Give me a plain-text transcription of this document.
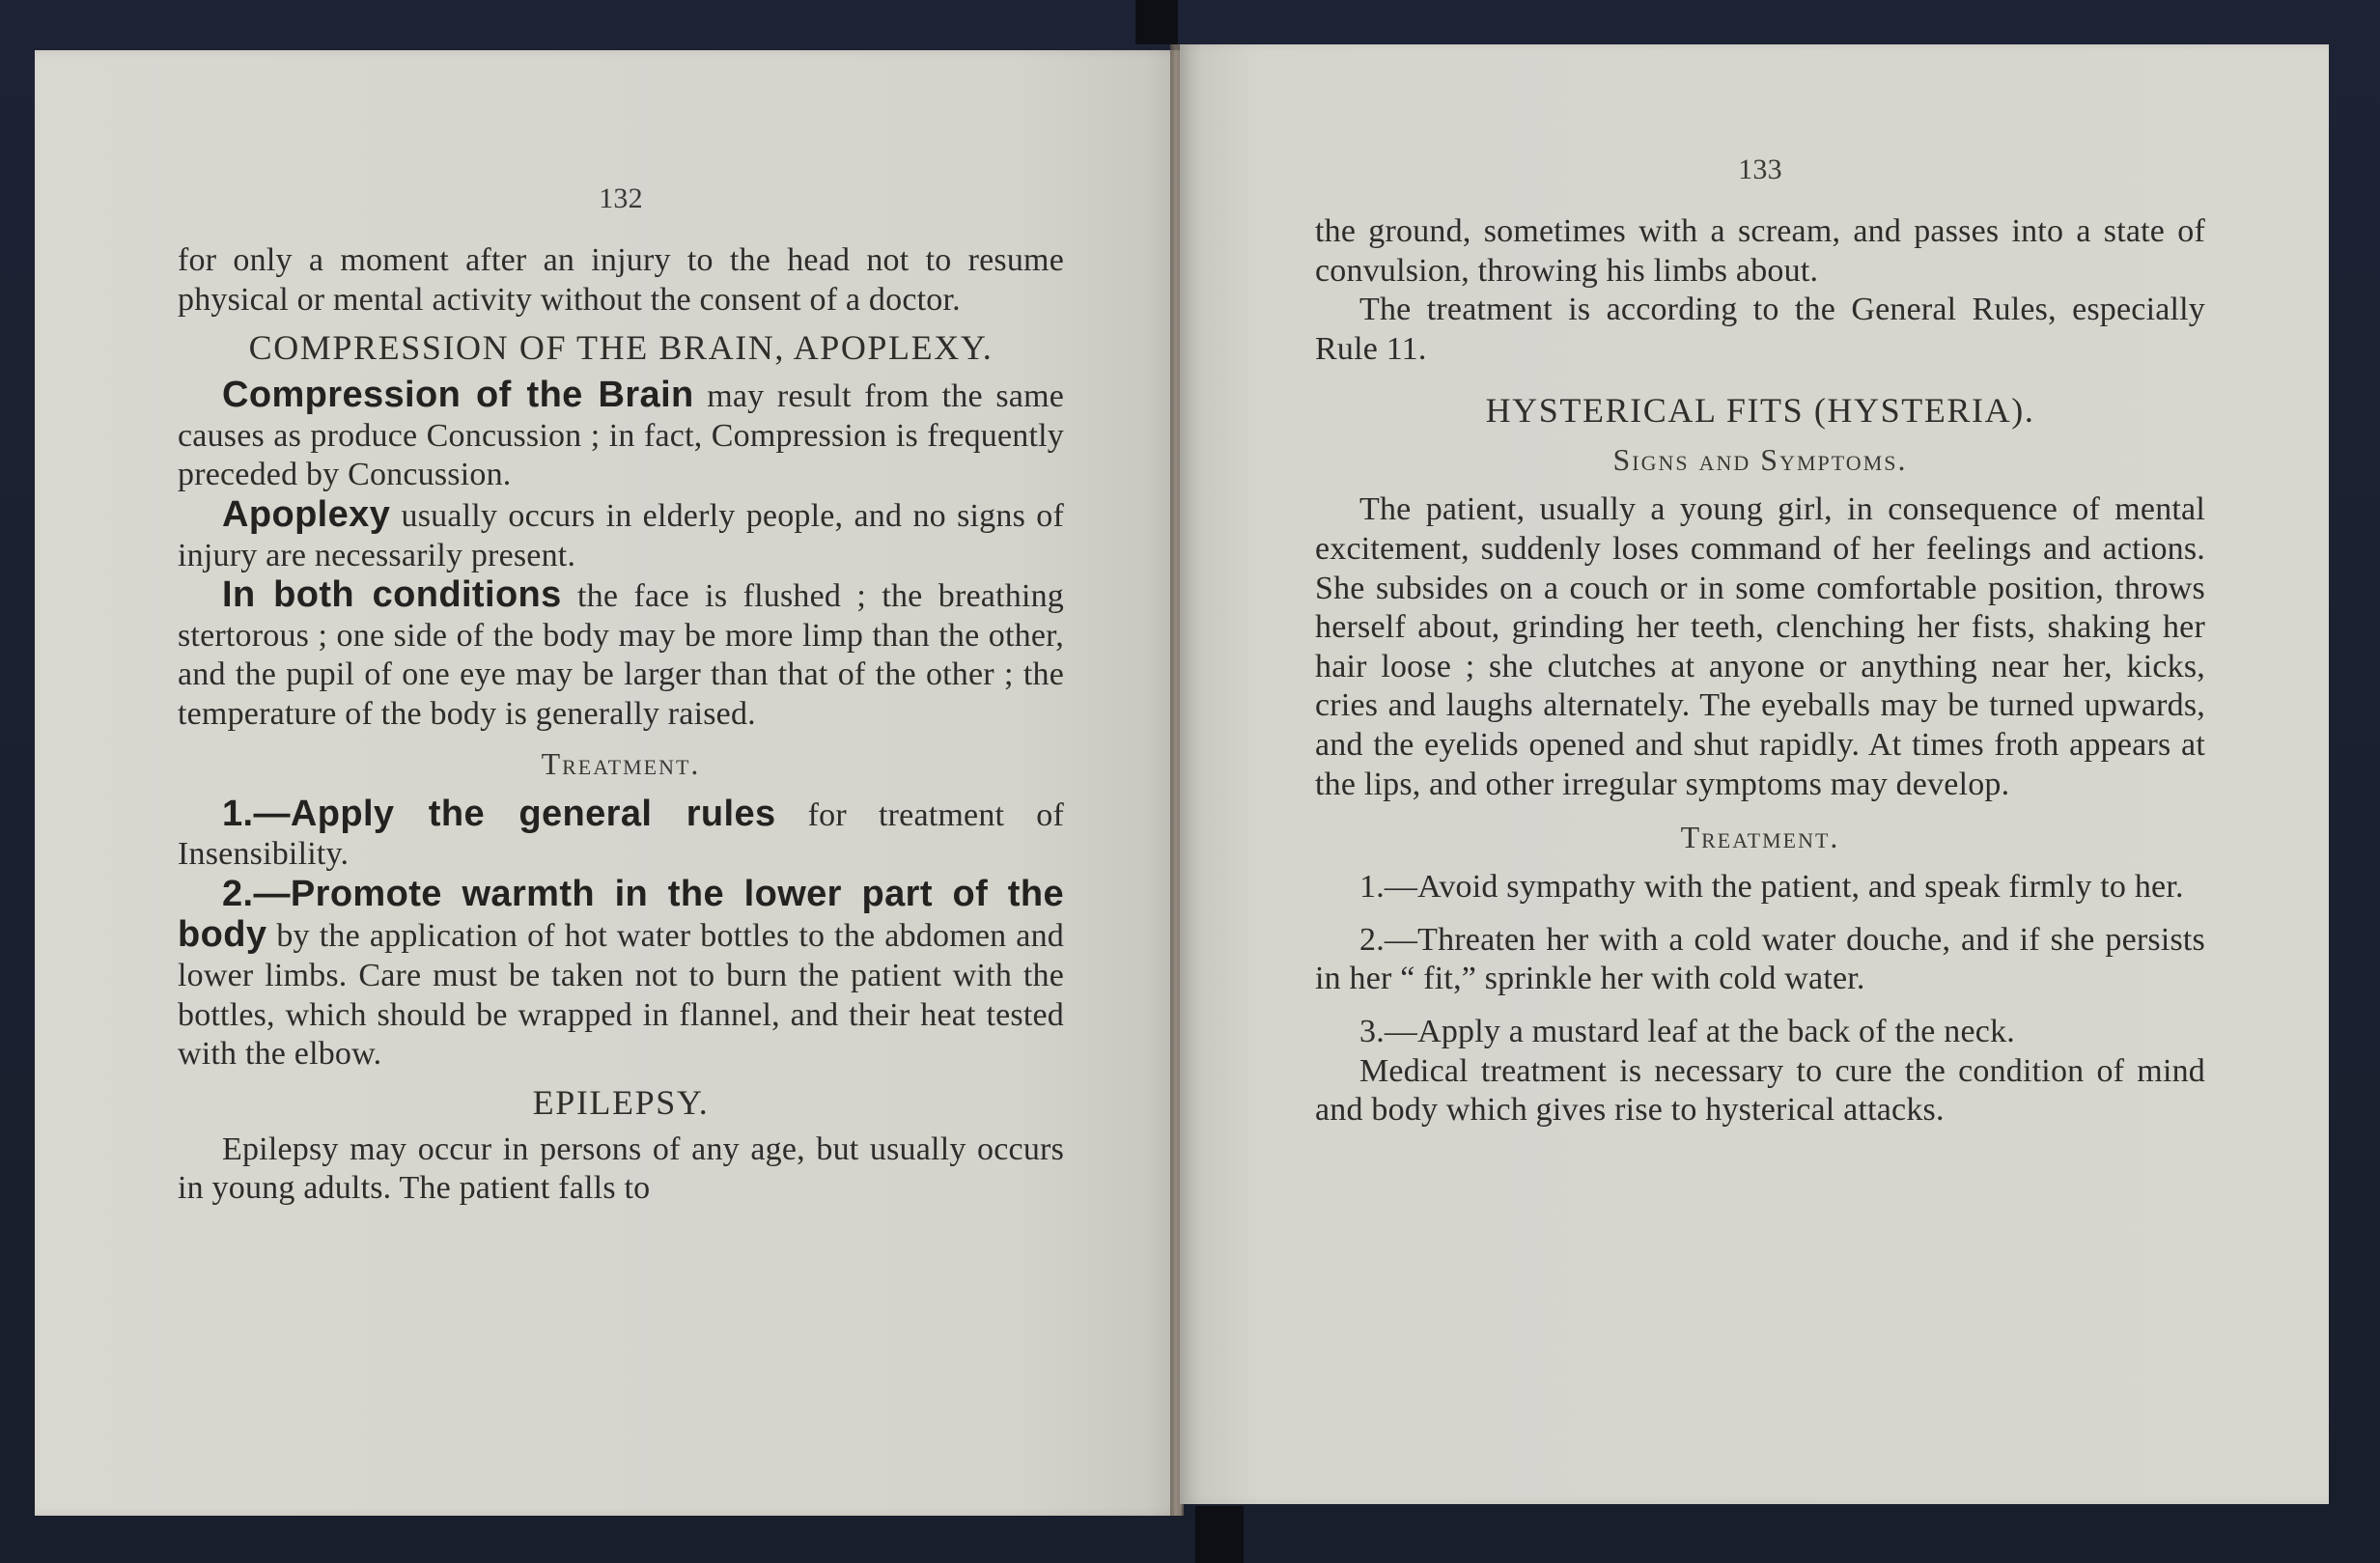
132

for only a moment after an injury to the head not to resume physical or mental activity without the consent of a doctor.

COMPRESSION OF THE BRAIN, APOPLEXY.

Compression of the Brain may result from the same causes as produce Concussion ; in fact, Compression is frequently preceded by Concussion.

Apoplexy usually occurs in elderly people, and no signs of injury are necessarily present.

In both conditions the face is flushed ; the breathing stertorous ; one side of the body may be more limp than the other, and the pupil of one eye may be larger than that of the other ; the temperature of the body is generally raised.

Treatment.

1.—Apply the general rules for treatment of Insensibility.

2.—Promote warmth in the lower part of the body by the application of hot water bottles to the abdomen and lower limbs. Care must be taken not to burn the patient with the bottles, which should be wrapped in flannel, and their heat tested with the elbow.

EPILEPSY.

Epilepsy may occur in persons of any age, but usually occurs in young adults. The patient falls to

133

the ground, sometimes with a scream, and passes into a state of convulsion, throwing his limbs about.

The treatment is according to the General Rules, especially Rule 11.

HYSTERICAL FITS (HYSTERIA).
Signs and Symptoms.

The patient, usually a young girl, in consequence of mental excitement, suddenly loses command of her feelings and actions. She subsides on a couch or in some comfortable position, throws herself about, grinding her teeth, clenching her fists, shaking her hair loose ; she clutches at anyone or anything near her, kicks, cries and laughs alternately. The eyeballs may be turned upwards, and the eyelids opened and shut rapidly. At times froth appears at the lips, and other irregular symptoms may develop.

Treatment.

1.—Avoid sympathy with the patient, and speak firmly to her.

2.—Threaten her with a cold water douche, and if she persists in her “ fit,” sprinkle her with cold water.

3.—Apply a mustard leaf at the back of the neck.

Medical treatment is necessary to cure the condition of mind and body which gives rise to hysterical attacks.
